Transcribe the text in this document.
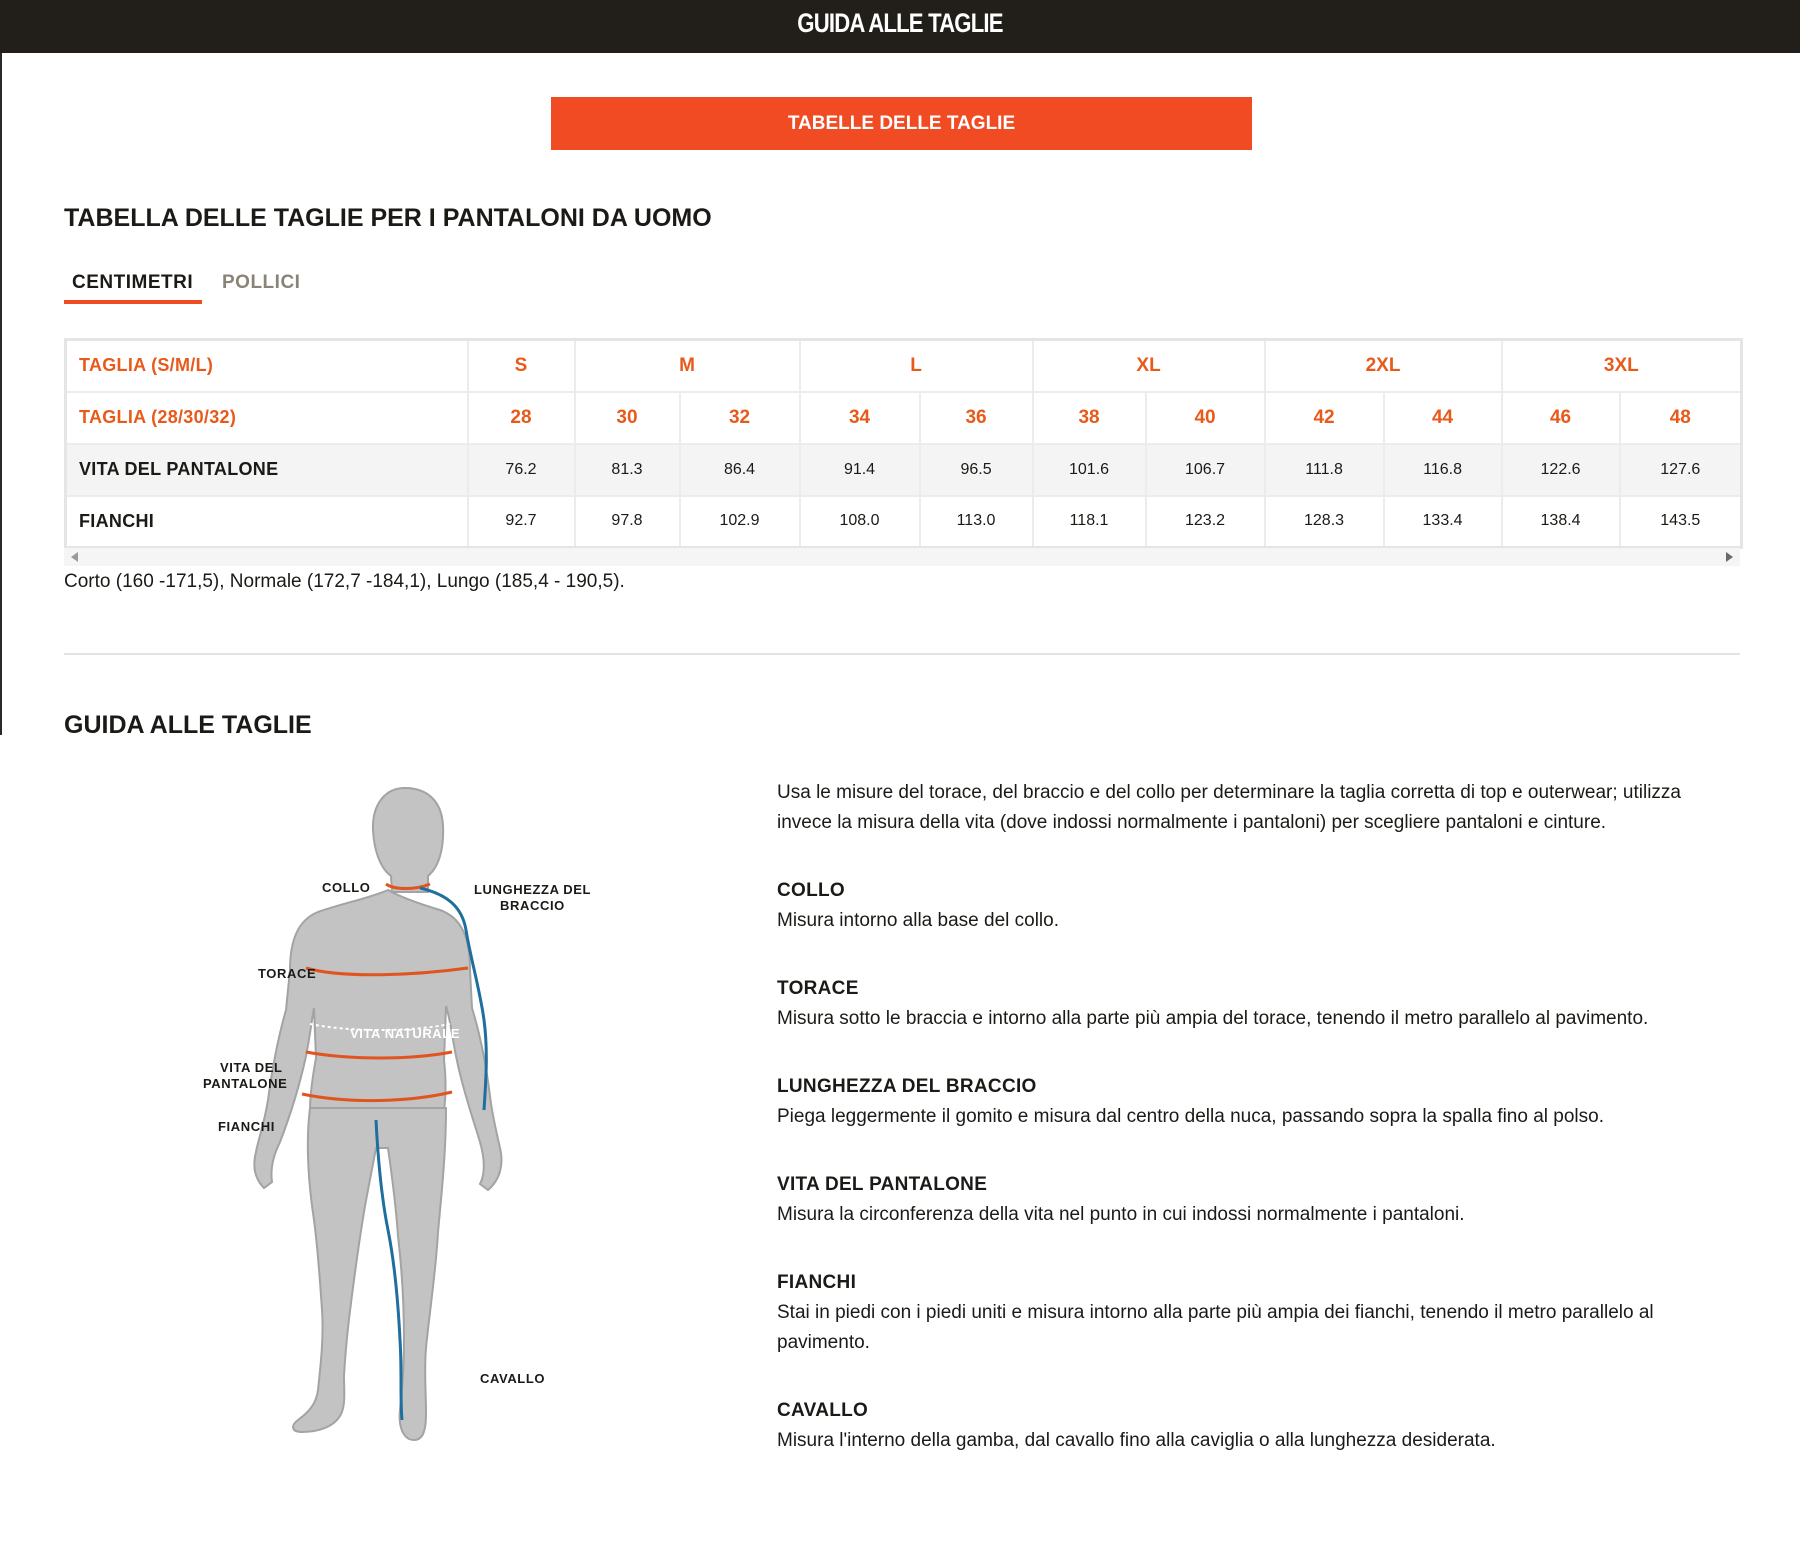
GUIDA ALLE TAGLIE
TABELLE DELLE TAGLIE
TABELLA DELLE TAGLIE PER I PANTALONI DA UOMO
CENTIMETRI POLLICI
TAGLIA (S/M/L)	S	M		L		XL		2XL		3XL	
TAGLIA (28/30/32)	28	30	32	34	36	38	40	42	44	46	48
VITA DEL PANTALONE	76.2	81.3	86.4	91.4	96.5	101.6	106.7	111.8	116.8	122.6	127.6
FIANCHI	92.7	97.8	102.9	108.0	113.0	118.1	123.2	128.3	133.4	138.4	143.5
Corto (160 -171,5), Normale (172,7 -184,1), Lungo (185,4 - 190,5).
GUIDA ALLE TAGLIE
COLLO	LUNGHEZZA DEL
BRACCIO
TORACE
VITA NATURALE
VITA DEL
PANTALONE
FIANCHI
CAVALLO

Usa le misure del torace, del braccio e del collo per determinare la taglia corretta di top e outerwear; utilizza invece la misura della vita (dove indossi normalmente i pantaloni) per scegliere pantaloni e cinture.

COLLO
Misura intorno alla base del collo.
TORACE
Misura sotto le braccia e intorno alla parte più ampia del torace, tenendo il metro parallelo al pavimento.
LUNGHEZZA DEL BRACCIO
Piega leggermente il gomito e misura dal centro della nuca, passando sopra la spalla fino al polso.
VITA DEL PANTALONE
Misura la circonferenza della vita nel punto in cui indossi normalmente i pantaloni.
FIANCHI
Stai in piedi con i piedi uniti e misura intorno alla parte più ampia dei fianchi, tenendo il metro parallelo al pavimento.
CAVALLO
Misura l'interno della gamba, dal cavallo fino alla caviglia o alla lunghezza desiderata.
